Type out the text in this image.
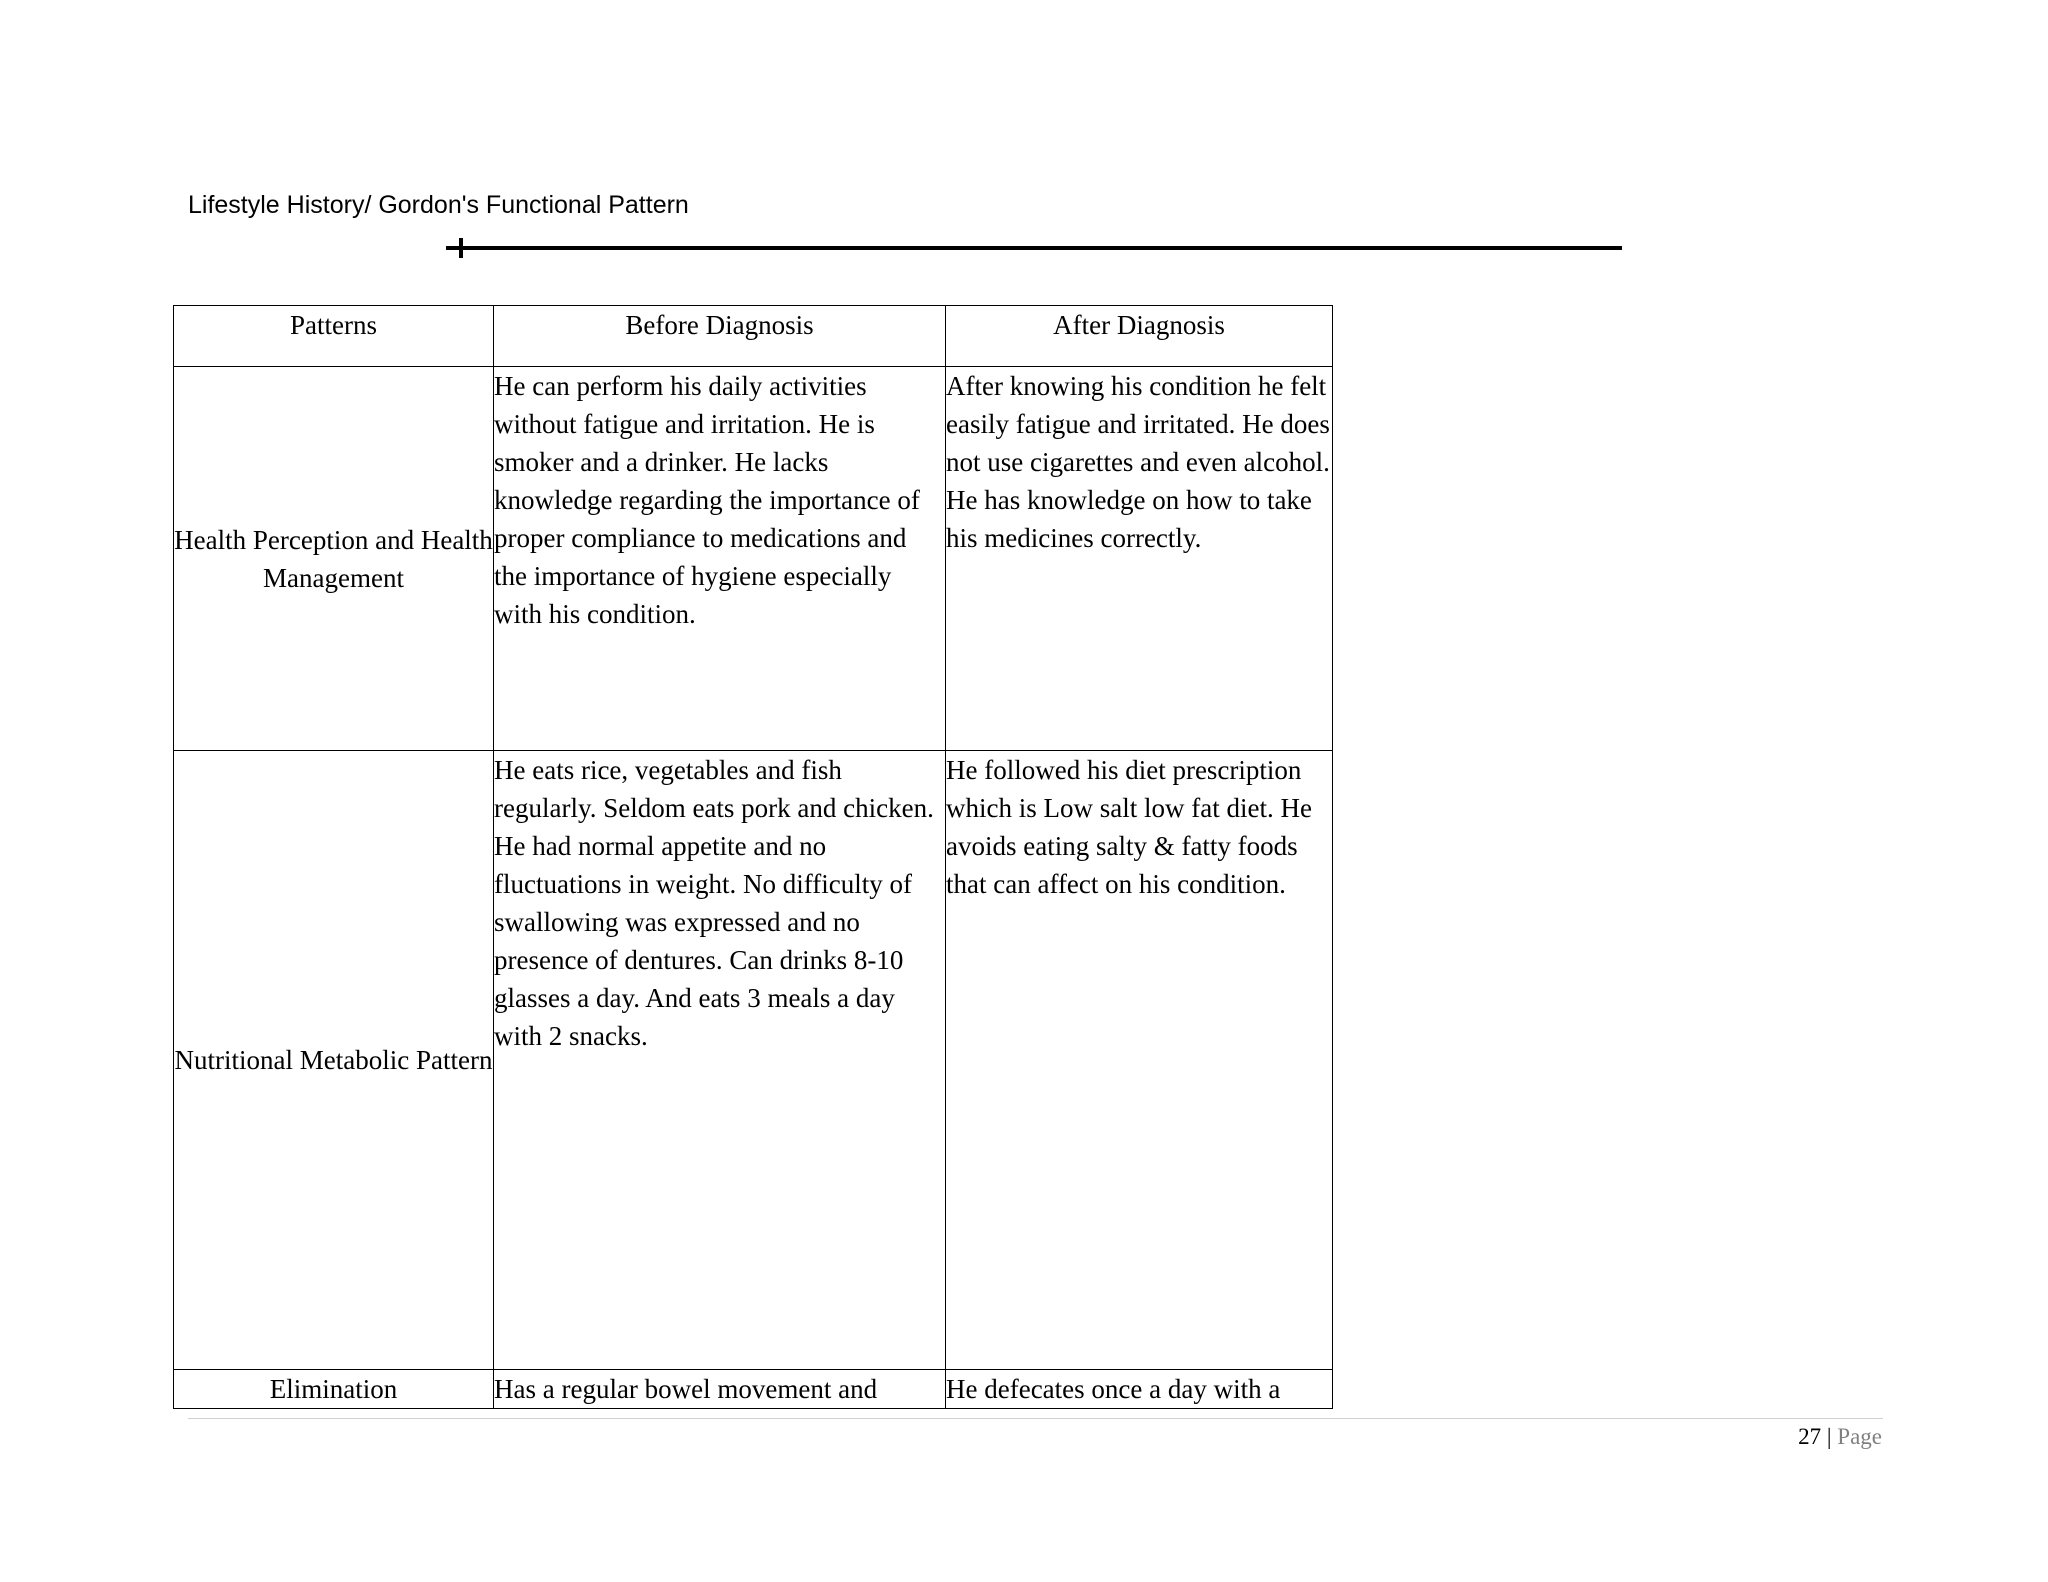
Lifestyle History/ Gordon's Functional Pattern
Patterns	Before Diagnosis	After Diagnosis
Health Perception and Health Management	He can perform his daily activities without fatigue and irritation. He is smoker and a drinker. He lacks knowledge regarding the importance of proper compliance to medications and the importance of hygiene especially with his condition.	After knowing his condition he felt easily fatigue and irritated. He does not use cigarettes and even alcohol. He has knowledge on how to take his medicines correctly.
Nutritional Metabolic Pattern	He eats rice, vegetables and fish regularly. Seldom eats pork and chicken. He had normal appetite and no fluctuations in weight. No difficulty of swallowing was expressed and no presence of dentures. Can drinks 8-10 glasses a day. And eats 3 meals a day with 2 snacks.	He followed his diet prescription which is Low salt low fat diet. He avoids eating salty & fatty foods that can affect on his condition.
Elimination	Has a regular bowel movement and	He defecates once a day with a
27 | Page
